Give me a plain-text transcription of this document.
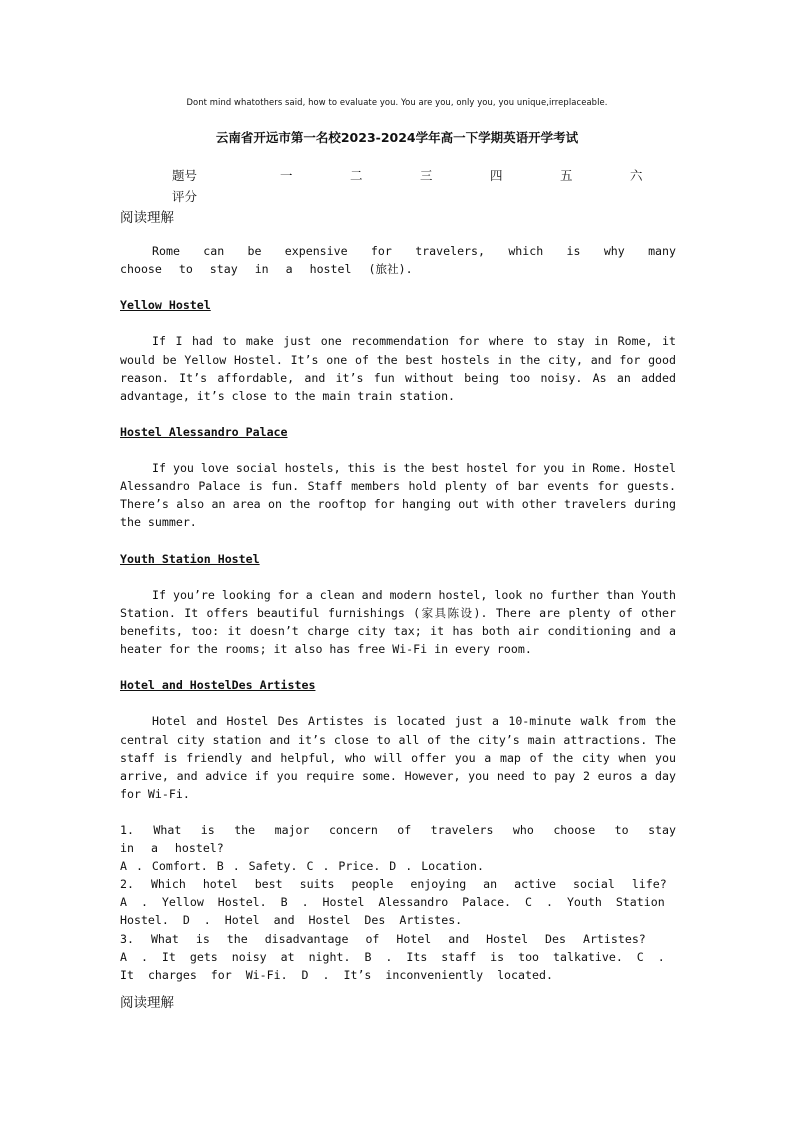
Dont mind whatothers said, how to evaluate you. You are you, only you, you unique,irreplaceable.
云南省开远市第一名校2023-2024学年高一下学期英语开学考试
题号	一	二	三	四	五	六
评分
阅读理解

Rome can be expensive for travelers, which is why many choose to stay in a hostel (旅社).

Yellow Hostel

If I had to make just one recommendation for where to stay in Rome, it would be Yellow Hostel. It’s one of the best hostels in the city, and for good reason. It’s affordable, and it’s fun without being too noisy. As an added advantage, it’s close to the main train station.

Hostel Alessandro Palace

If you love social hostels, this is the best hostel for you in Rome. Hostel Alessandro Palace is fun. Staff members hold plenty of bar events for guests. There’s also an area on the rooftop for hanging out with other travelers during the summer.

Youth Station Hostel

If you’re looking for a clean and modern hostel, look no further than Youth Station. It offers beautiful furnishings (家具陈设). There are plenty of other benefits, too: it doesn’t charge city tax; it has both air conditioning and a heater for the rooms; it also has free Wi-Fi in every room.

Hotel and HostelDes Artistes

Hotel and Hostel Des Artistes is located just a 10-minute walk from the central city station and it’s close to all of the city’s main attractions. The staff is friendly and helpful, who will offer you a map of the city when you arrive, and advice if you require some. However, you need to pay 2 euros a day for Wi-Fi.

1. What is the major concern of travelers who choose to stay in a hostel?

A . Comfort. B . Safety. C . Price. D . Location.

2. Which hotel best suits people enjoying an active social life?

A . Yellow Hostel. B . Hostel Alessandro Palace. C . Youth Station Hostel. D . Hotel and Hostel Des Artistes.

3. What is the disadvantage of Hotel and Hostel Des Artistes?

A . It gets noisy at night. B . Its staff is too talkative. C . It charges for Wi-Fi. D . It’s inconveniently located.

阅读理解
